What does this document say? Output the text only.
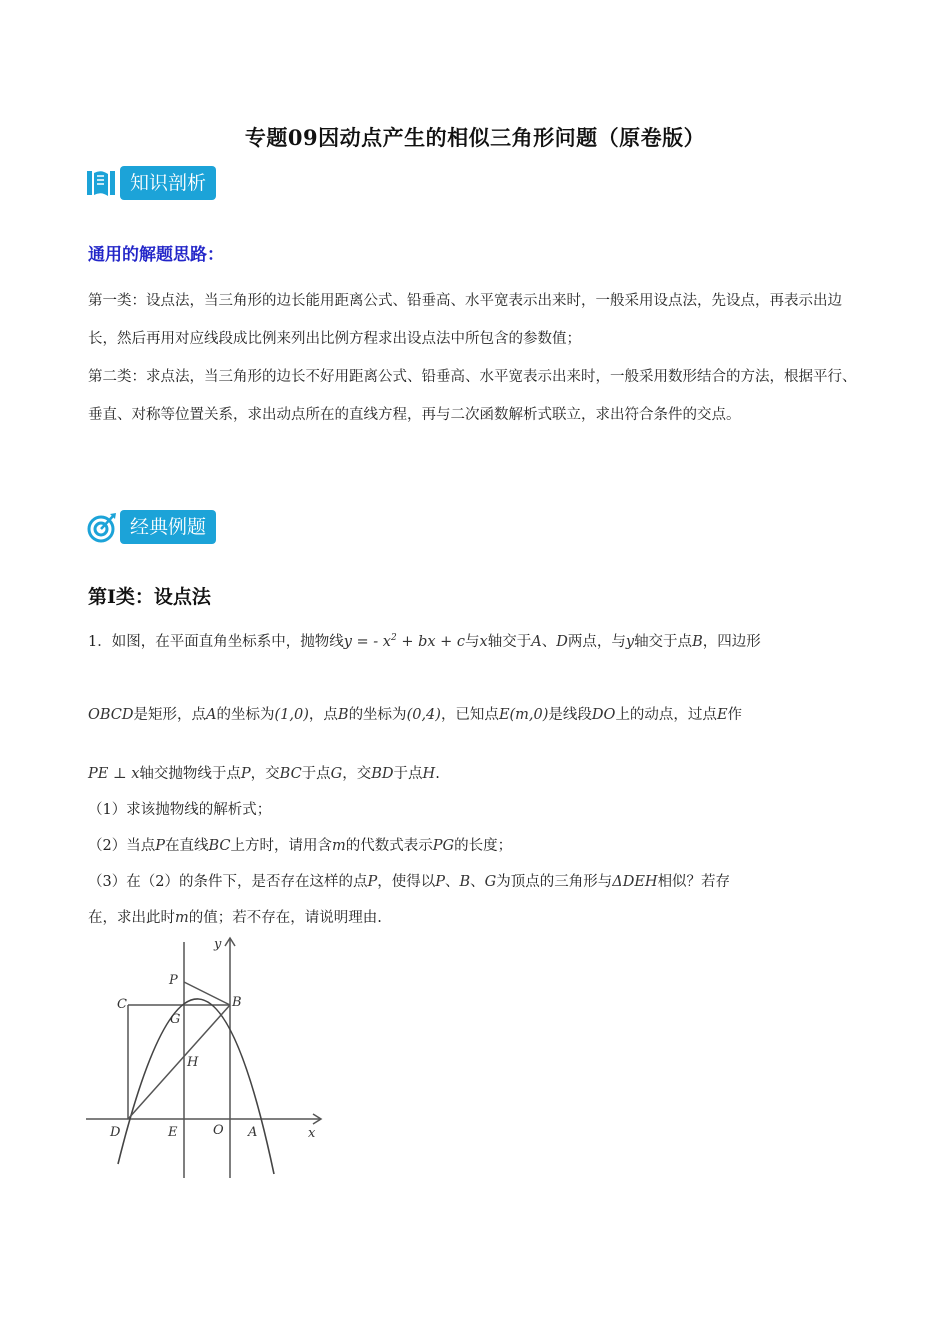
专题09因动点产生的相似三角形问题（原卷版）
知识剖析
通用的解题思路：
第一类：设点法，当三角形的边长能用距离公式、铅垂高、水平宽表示出来时，一般采用设点法，先设点，再表示出边长，然后再用对应线段成比例来列出比例方程求出设点法中所包含的参数值；
第二类：求点法，当三角形的边长不好用距离公式、铅垂高、水平宽表示出来时，一般采用数形结合的方法，根据平行、垂直、对称等位置关系，求出动点所在的直线方程，再与二次函数解析式联立，求出符合条件的交点。
经典例题
第Ⅰ类：设点法
1．如图，在平面直角坐标系中，抛物线y = - $x^2$ + bx + c与x轴交于A、D两点，与y轴交于点B，四边形
OBCD是矩形，点A的坐标为(1,0)，点B的坐标为(0,4)，已知点E(m,0)是线段DO上的动点，过点E作
PE ⊥ x轴交抛物线于点P，交BC于点G，交BD于点H.
（1）求该抛物线的解析式；
（2）当点P在直线BC上方时，请用含m的代数式表示PG的长度；
（3）在（2）的条件下，是否存在这样的点P，使得以P、B、G为顶点的三角形与ΔDEH相似？若存
在，求出此时m的值；若不存在，请说明理由.
y
x
P
C	B
G
H
D	E	O A
